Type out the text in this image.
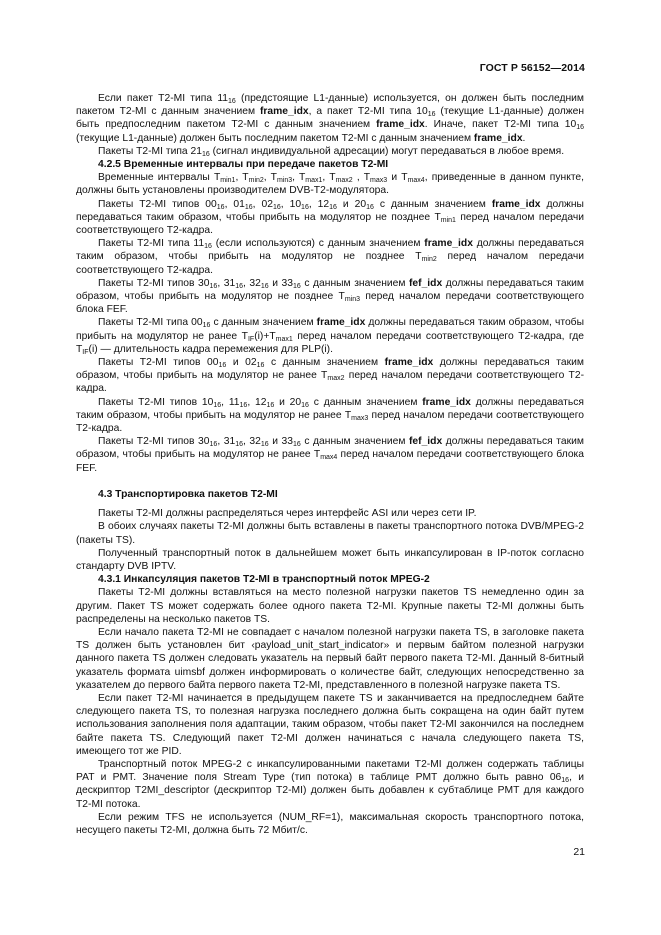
ГОСТ Р 56152—2014

Если пакет T2-MI типа $11_{16}$ (предстоящие L1-данные) используется, он должен быть последним пакетом T2-MI с данным значением frame_idx, а пакет T2-MI типа $10_{16}$ (текущие L1-данные) должен быть предпоследним пакетом T2-MI с данным значением frame_idx. Иначе, пакет T2-MI типа $10_{16}$ (текущие L1-данные) должен быть последним пакетом T2-MI с данным значением frame_idx.

Пакеты T2-MI типа $21_{16}$ (сигнал индивидуальной адресации) могут передаваться в любое время.

4.2.5 Временные интервалы при передаче пакетов T2-MI

Временные интервалы $T_{min1}$, $T_{min2}$, $T_{min3}$, $T_{max1}$, $T_{max2}$ , $T_{max3}$ и $T_{max4}$, приведенные в данном пункте, должны быть установлены производителем DVB-T2-модулятора.

Пакеты T2-MI типов $00_{16}$, $01_{16}$, $02_{16}$, $10_{16}$, $12_{16}$ и $20_{16}$ с данным значением frame_idx должны передаваться таким образом, чтобы прибыть на модулятор не позднее $T_{min1}$ перед началом передачи соответствующего T2-кадра.

Пакеты T2-MI типа $11_{16}$ (если используются) с данным значением frame_idx должны передаваться таким образом, чтобы прибыть на модулятор не позднее $T_{min2}$ перед началом передачи соответствующего T2-кадра.

Пакеты T2-MI типов $30_{16}$, $31_{16}$, $32_{16}$ и $33_{16}$ с данным значением fef_idx должны передаваться таким образом, чтобы прибыть на модулятор не позднее $T_{min3}$ перед началом передачи соответствующего блока FEF.

Пакеты T2-MI типа $00_{16}$ с данным значением frame_idx должны передаваться таким образом, чтобы прибыть на модулятор не ранее $T_{IF}(i)+T_{max1}$ перед началом передачи соответствующего T2-кадра, где $T_{IF}(i)$ — длительность кадра перемежения для PLP(i).

Пакеты T2-MI типов $00_{16}$ и $02_{16}$ с данным значением frame_idx должны передаваться таким образом, чтобы прибыть на модулятор не ранее $T_{max2}$ перед началом передачи соответствующего T2-кадра.

Пакеты T2-MI типов $10_{16}$, $11_{16}$, $12_{16}$ и $20_{16}$ с данным значением frame_idx должны передаваться таким образом, чтобы прибыть на модулятор не ранее $T_{max3}$ перед началом передачи соответствующего T2-кадра.

Пакеты T2-MI типов $30_{16}$, $31_{16}$, $32_{16}$ и $33_{16}$ с данным значением fef_idx должны передаваться таким образом, чтобы прибыть на модулятор не ранее $T_{max4}$ перед началом передачи соответствующего блока FEF.

4.3 Транспортировка пакетов T2-MI

Пакеты T2-MI должны распределяться через интерфейс ASI или через сети IP.

В обоих случаях пакеты T2-MI должны быть вставлены в пакеты транспортного потока DVB/MPEG-2 (пакеты TS).

Полученный транспортный поток в дальнейшем может быть инкапсулирован в IP-поток согласно стандарту DVB IPTV.

4.3.1 Инкапсуляция пакетов T2-MI в транспортный поток MPEG-2

Пакеты T2-MI должны вставляться на место полезной нагрузки пакетов TS немедленно один за другим. Пакет TS может содержать более одного пакета T2-MI. Крупные пакеты T2-MI должны быть распределены на несколько пакетов TS.

Если начало пакета T2-MI не совпадает с началом полезной нагрузки пакета TS, в заголовке пакета TS должен быть установлен бит ‹payload_unit_start_indicator» и первым байтом полезной нагрузки данного пакета TS должен следовать указатель на первый байт первого пакета T2-MI. Данный 8-битный указатель формата uimsbf должен информировать о количестве байт, следующих непосредственно за указателем до первого байта первого пакета T2-MI, представленного в полезной нагрузке пакета TS.

Если пакет T2-MI начинается в предыдущем пакете TS и заканчивается на предпоследнем байте следующего пакета TS, то полезная нагрузка последнего должна быть сокращена на один байт путем использования заполнения поля адаптации, таким образом, чтобы пакет T2-MI закончился на последнем байте пакета TS. Следующий пакет T2-MI должен начинаться с начала следующего пакета TS, имеющего тот же PID.

Транспортный поток MPEG-2 с инкапсулированными пакетами T2-MI должен содержать таблицы PAT и PMT. Значение поля Stream Type (тип потока) в таблице PMT должно быть равно $06_{16}$, и дескриптор T2MI_descriptor (дескриптор T2-MI) должен быть добавлен к субтаблице PMT для каждого T2-MI потока.

Если режим TFS не используется (NUM_RF=1), максимальная скорость транспортного потока, несущего пакеты T2-MI, должна быть 72 Мбит/с.

21
